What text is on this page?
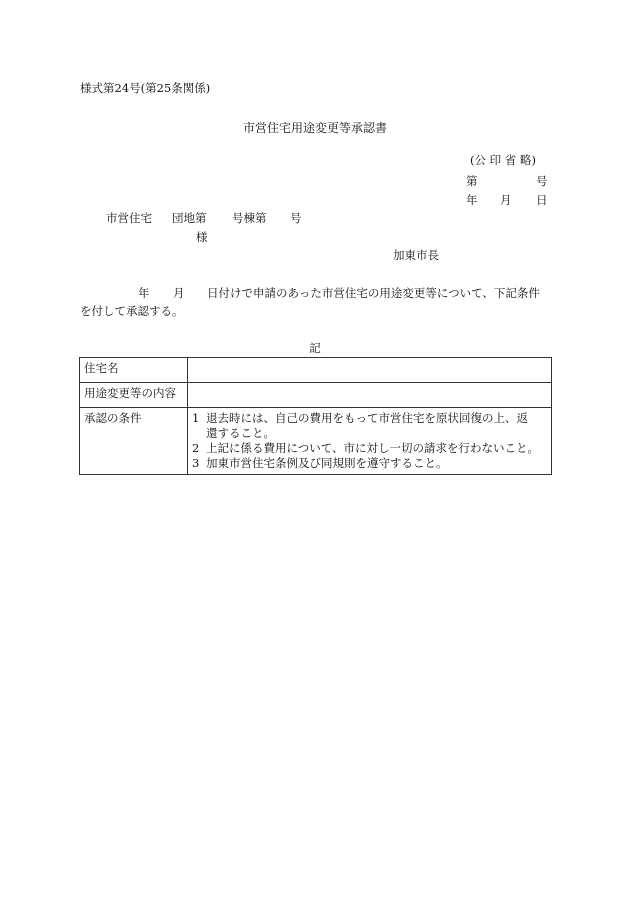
様式第24号(第25条関係)
市営住宅用途変更等承認書
(公 印 省 略)
第	号
年 月 日
市営住宅 団地第 号棟第 号
様
加東市長
年 月 日付けで申請のあった市営住宅の用途変更等について、下記条件
を付して承認する。
記
住宅名	
用途変更等の内容	
承認の条件	1 退去時には、自己の費用をもって市営住宅を原状回復の上、返
還すること。
2 上記に係る費用について、市に対し一切の請求を行わないこと。
3 加東市営住宅条例及び同規則を遵守すること。
